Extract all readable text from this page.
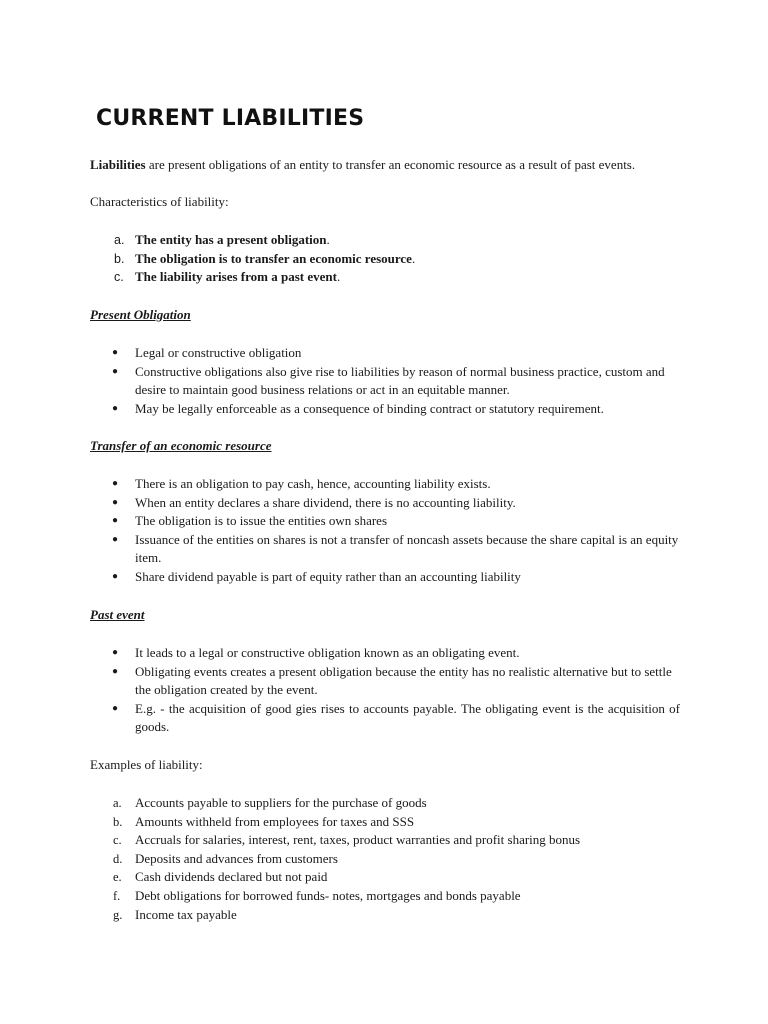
CURRENT LIABILITIES

Liabilities are present obligations of an entity to transfer an economic resource as a result of past events.

Characteristics of liability:

a. The entity has a present obligation.
b. The obligation is to transfer an economic resource.
c. The liability arises from a past event.

Present Obligation

● Legal or constructive obligation
● Constructive obligations also give rise to liabilities by reason of normal business practice, custom and desire to maintain good business relations or act in an equitable manner.
● May be legally enforceable as a consequence of binding contract or statutory requirement.

Transfer of an economic resource

● There is an obligation to pay cash, hence, accounting liability exists.
● When an entity declares a share dividend, there is no accounting liability.
● The obligation is to issue the entities own shares
● Issuance of the entities on shares is not a transfer of noncash assets because the share capital is an equity item.
● Share dividend payable is part of equity rather than an accounting liability

Past event

● It leads to a legal or constructive obligation known as an obligating event.
● Obligating events creates a present obligation because the entity has no realistic alternative but to settle the obligation created by the event.
● E.g. - the acquisition of good gies rises to accounts payable. The obligating event is the acquisition of goods.

Examples of liability:

a. Accounts payable to suppliers for the purchase of goods
b. Amounts withheld from employees for taxes and SSS
c. Accruals for salaries, interest, rent, taxes, product warranties and profit sharing bonus
d. Deposits and advances from customers
e. Cash dividends declared but not paid
f. Debt obligations for borrowed funds- notes, mortgages and bonds payable
g. Income tax payable
